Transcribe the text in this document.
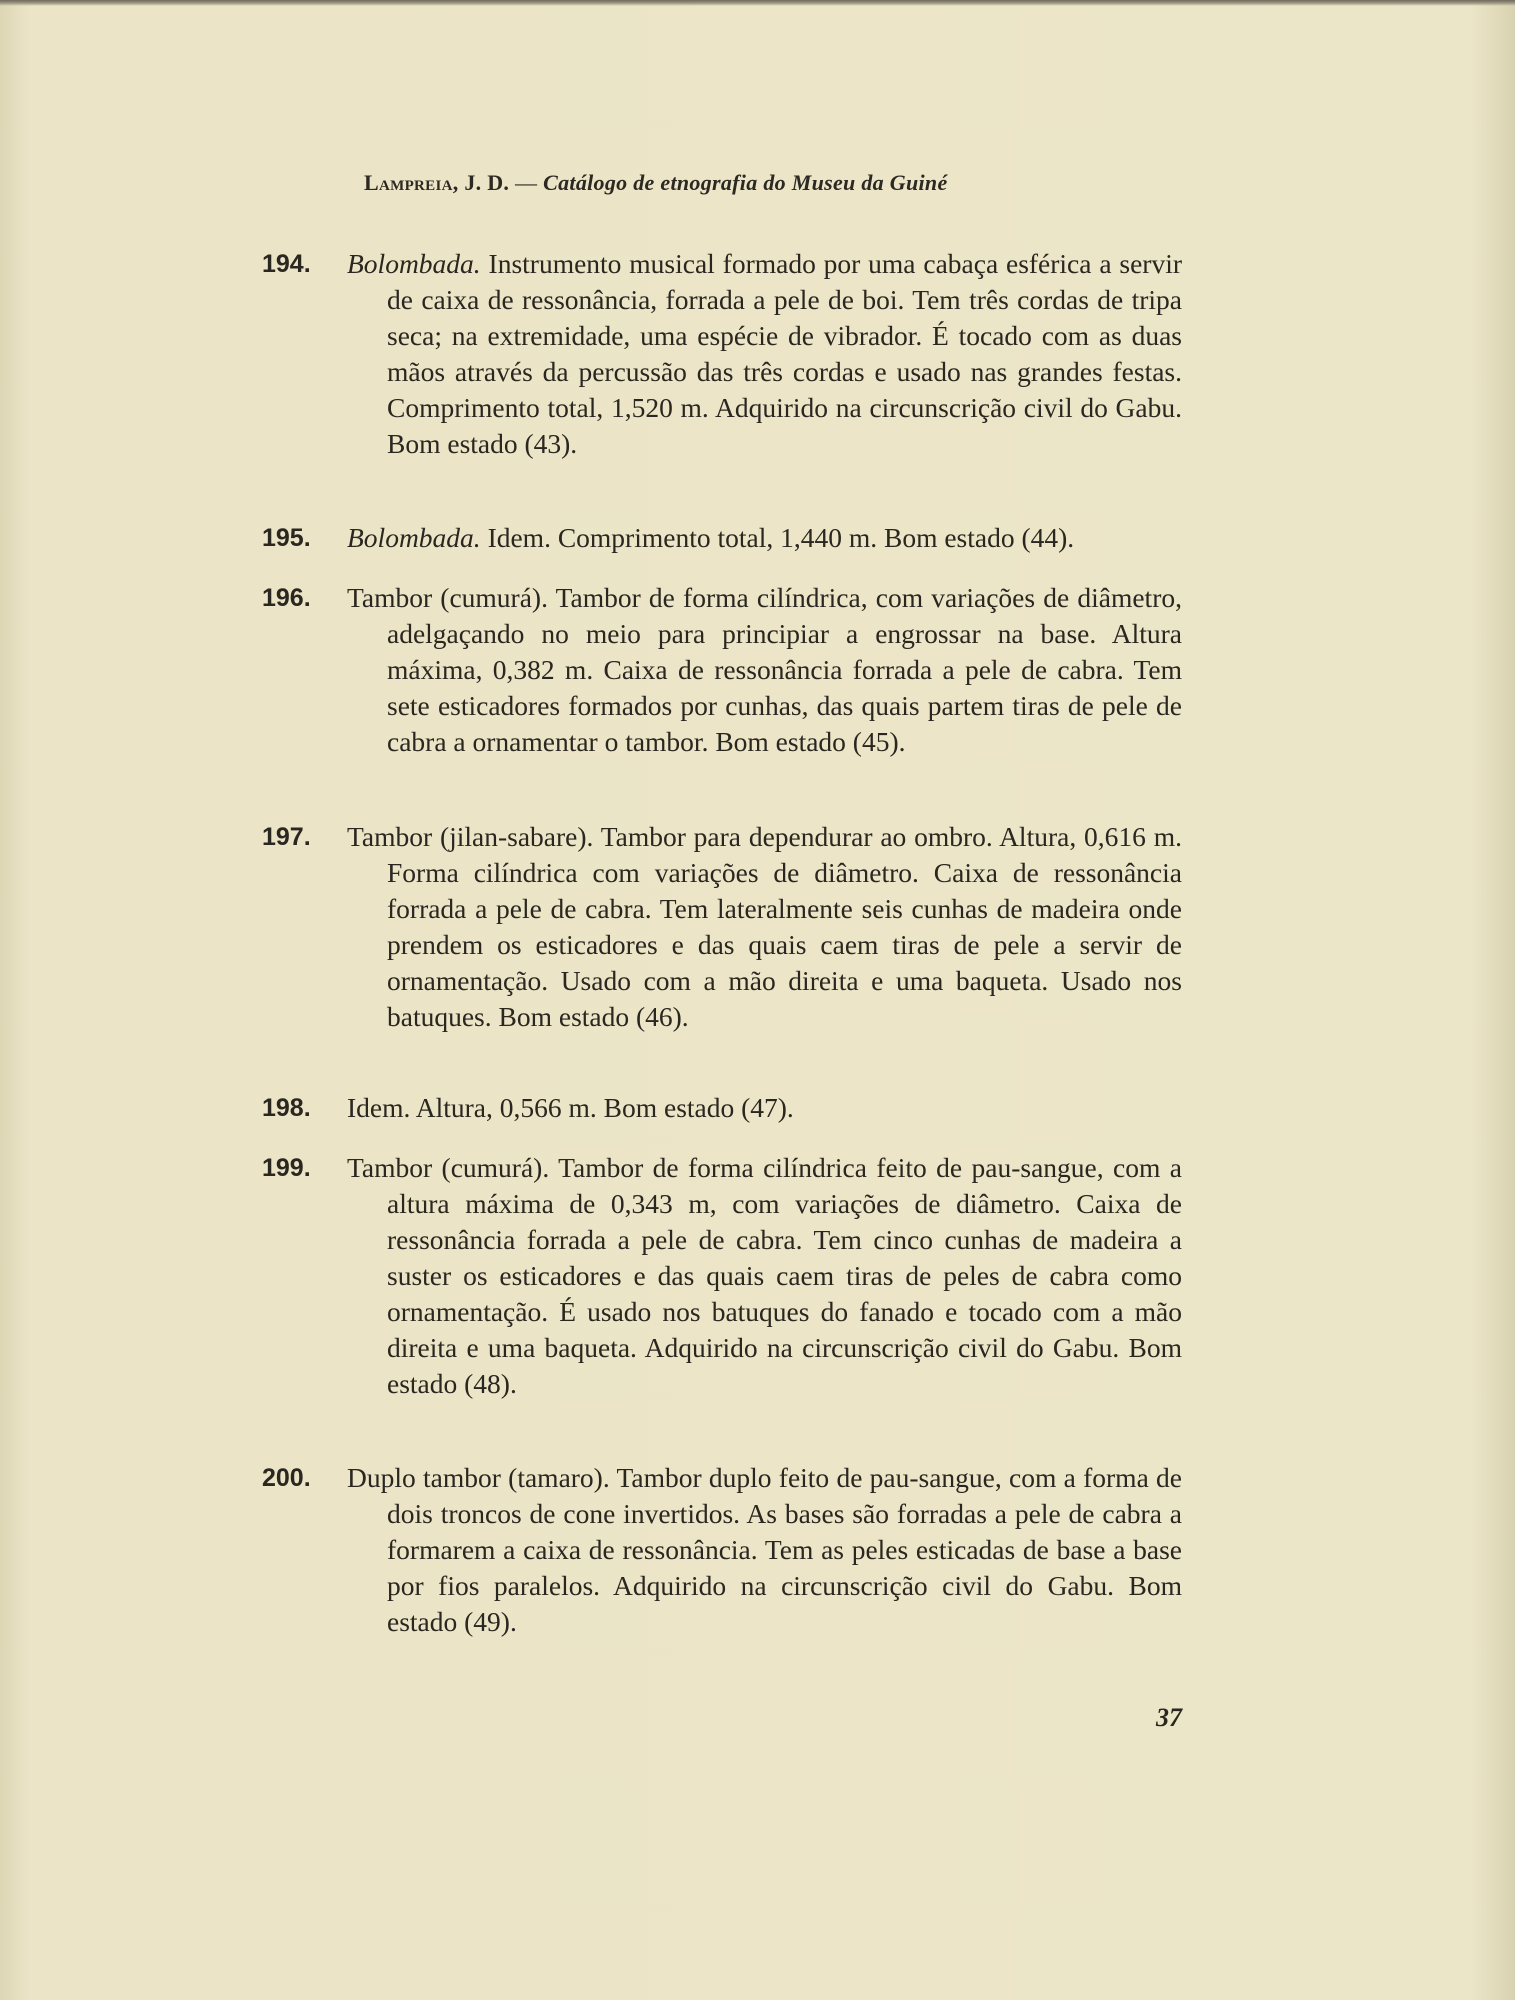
Lampreia, J. D. — Catálogo de etnografia do Museu da Guiné
194. Bolombada. Instrumento musical formado por uma cabaça esférica a servir de caixa de ressonância, forrada a pele de boi. Tem três cordas de tripa seca; na extremidade, uma espécie de vibrador. É tocado com as duas mãos através da percussão das três cordas e usado nas grandes festas. Comprimento total, 1,520 m. Adquirido na circunscrição civil do Gabu. Bom estado (43).
195. Bolombada. Idem. Comprimento total, 1,440 m. Bom estado (44).
196. Tambor (cumurá). Tambor de forma cilíndrica, com variações de diâmetro, adelgaçando no meio para principiar a engrossar na base. Altura máxima, 0,382 m. Caixa de ressonância forrada a pele de cabra. Tem sete esticadores formados por cunhas, das quais partem tiras de pele de cabra a ornamentar o tambor. Bom estado (45).
197. Tambor (jilan-sabare). Tambor para dependurar ao ombro. Altura, 0,616 m. Forma cilíndrica com variações de diâmetro. Caixa de ressonância forrada a pele de cabra. Tem lateralmente seis cunhas de madeira onde prendem os esticadores e das quais caem tiras de pele a servir de ornamentação. Usado com a mão direita e uma baqueta. Usado nos batuques. Bom estado (46).
198. Idem. Altura, 0,566 m. Bom estado (47).
199. Tambor (cumurá). Tambor de forma cilíndrica feito de pau-sangue, com a altura máxima de 0,343 m, com variações de diâmetro. Caixa de ressonância forrada a pele de cabra. Tem cinco cunhas de madeira a suster os esticadores e das quais caem tiras de peles de cabra como ornamentação. É usado nos batuques do fanado e tocado com a mão direita e uma baqueta. Adquirido na circunscrição civil do Gabu. Bom estado (48).
200. Duplo tambor (tamaro). Tambor duplo feito de pau-sangue, com a forma de dois troncos de cone invertidos. As bases são forradas a pele de cabra a formarem a caixa de ressonância. Tem as peles esticadas de base a base por fios paralelos. Adquirido na circunscrição civil do Gabu. Bom estado (49).
37
